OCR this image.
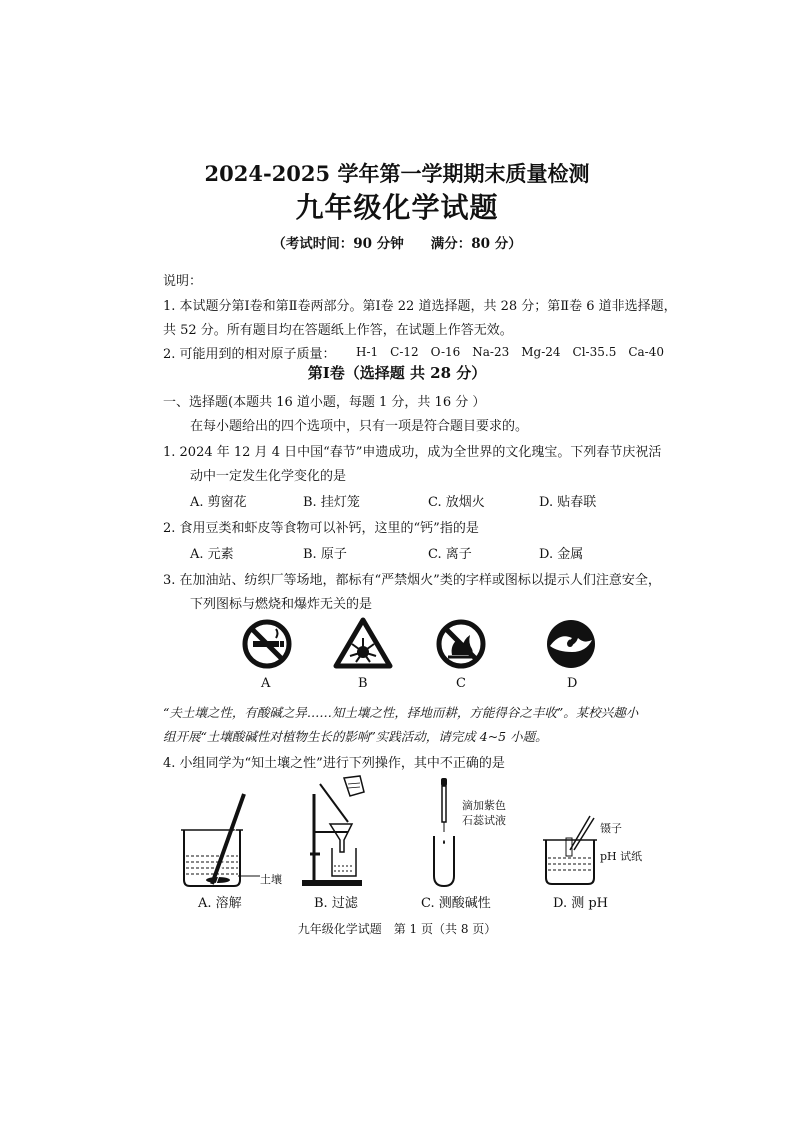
2024-2025 学年第一学期期末质量检测
九年级化学试题
（考试时间：90 分钟　　满分：80 分）
说明：
1. 本试题分第Ⅰ卷和第Ⅱ卷两部分。第Ⅰ卷 22 道选择题，共 28 分；第Ⅱ卷 6 道非选择题，
共 52 分。所有题目均在答题纸上作答，在试题上作答无效。
2. 可能用到的相对原子质量： H-1　C-12　O-16　Na-23　Mg-24　Cl-35.5　Ca-40
第Ⅰ卷（选择题 共 28 分）
一、选择题(本题共 16 道小题，每题 1 分，共 16 分 ）
在每小题给出的四个选项中，只有一项是符合题目要求的。
1. 2024 年 12 月 4 日中国“春节”申遗成功，成为全世界的文化瑰宝。下列春节庆祝活
动中一定发生化学变化的是
A. 剪窗花	B. 挂灯笼	C. 放烟火	D. 贴春联
2. 食用豆类和虾皮等食物可以补钙，这里的“钙”指的是
A. 元素	B. 原子	C. 离子	D. 金属
3. 在加油站、纺织厂等场地，都标有“严禁烟火”类的字样或图标以提示人们注意安全，
下列图标与燃烧和爆炸无关的是
A	B	C	D
“夫土壤之性，有酸碱之异……知土壤之性，择地而耕，方能得谷之丰收”。某校兴趣小
组开展“土壤酸碱性对植物生长的影响”实践活动，请完成 4~5 小题。
4. 小组同学为“知土壤之性”进行下列操作，其中不正确的是
土壤
滴加紫色
石蕊试液
镊子
pH 试纸
A. 溶解	B. 过滤	C. 测酸碱性	D. 测 pH
九年级化学试题　第 1 页（共 8 页）
